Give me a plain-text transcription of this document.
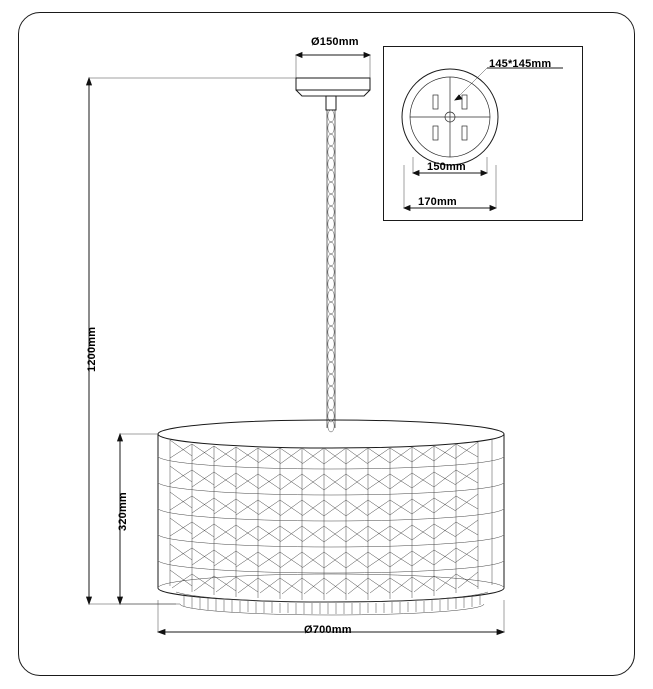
Ø150mm
1200mm
320mm
Ø700mm
145*145mm
150mm
170mm
